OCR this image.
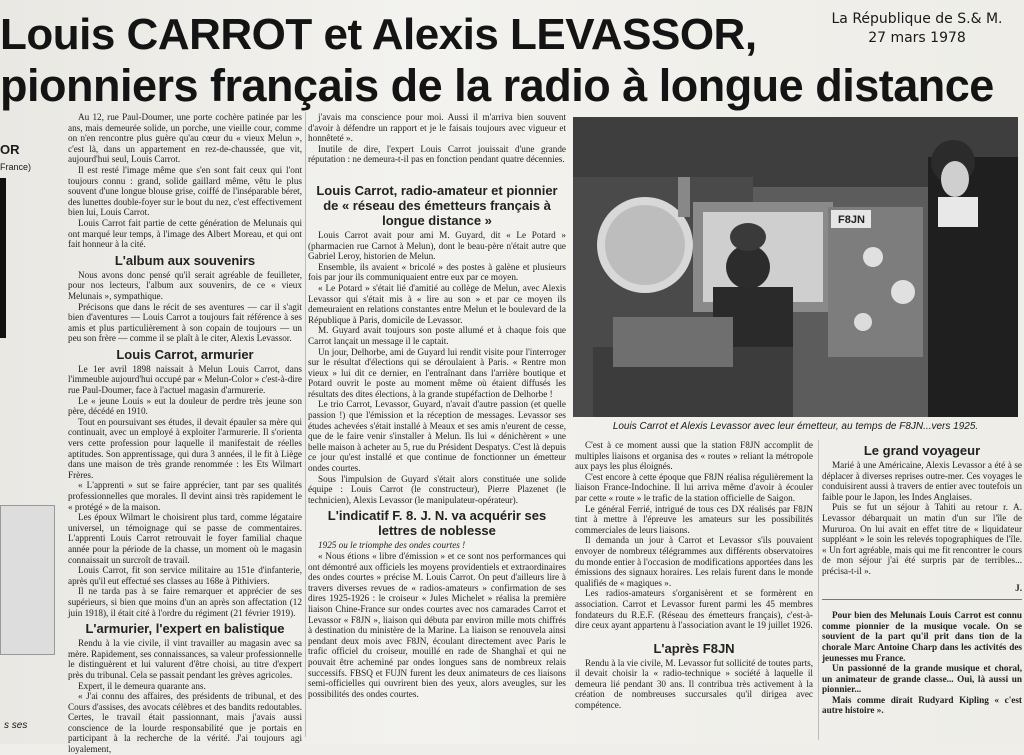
Louis CARROT et Alexis LEVASSOR,
pionniers français de la radio à longue distance
La République de S.& M.
27 mars 1978
OR
France)
s ses

Au 12, rue Paul-Doumer, une porte cochère patinée par les ans, mais demeurée solide, un porche, une vieille cour, comme on n'en rencontre plus guère qu'au cœur du « vieux Melun », c'est là, dans un appartement en rez-de-chaussée, que vit, aujourd'hui seul, Louis Carrot.

Il est resté l'image même que s'en sont fait ceux qui l'ont toujours connu : grand, solide gaillard même, vêtu le plus souvent d'une longue blouse grise, coiffé de l'inséparable béret, des lunettes double-foyer sur le bout du nez, c'est effectivement bien lui, Louis Carrot.

Louis Carrot fait partie de cette génération de Melunais qui ont marqué leur temps, à l'image des Albert Moreau, et qui ont fait honneur à la cité.

L'album aux souvenirs

Nous avons donc pensé qu'il serait agréable de feuilleter, pour nos lecteurs, l'album aux souvenirs, de ce « vieux Melunais », sympathique.

Précisons que dans le récit de ses aventures — car il s'agit bien d'aventures — Louis Carrot a toujours fait référence à ses amis et plus particulièrement à son copain de toujours — un peu son frère — comme il se plaît à le citer, Alexis Levassor.

Louis Carrot, armurier

Le 1er avril 1898 naissait à Melun Louis Carrot, dans l'immeuble aujourd'hui occupé par « Melun-Color » c'est-à-dire rue Paul-Doumer, face à l'actuel magasin d'armurerie.

Le « jeune Louis » eut la douleur de perdre très jeune son père, décédé en 1910.

Tout en poursuivant ses études, il devait épauler sa mère qui continuait, avec un employé à exploiter l'armurerie. Il s'orienta vers cette profession pour laquelle il manifestait de réelles aptitudes. Son apprentissage, qui dura 3 années, il le fit à Liège dans une maison de très grande renommée : les Ets Wilmart Frères.

« L'apprenti » sut se faire apprécier, tant par ses qualités professionnelles que morales. Il devint ainsi très rapidement le « protégé » de la maison.

Les époux Wilmart le choisirent plus tard, comme légataire universel, un témoignage qui se passe de commentaires. L'apprenti Louis Carrot retrouvait le foyer familial chaque année pour la période de la chasse, un moment où le magasin connaissait un surcroît de travail.

Louis Carrot, fit son service militaire au 151e d'infanterie, après qu'il eut effectué ses classes au 168e à Pithiviers.

Il ne tarda pas à se faire remarquer et apprécier de ses supérieurs, si bien que moins d'un an après son affectation (12 juin 1918), il était cité à l'ordre du régiment (21 février 1919).

L'armurier, l'expert en balistique

Rendu à la vie civile, il vint travailler au magasin avec sa mère. Rapidement, ses connaissances, sa valeur professionnelle le distinguèrent et lui valurent d'être choisi, au titre d'expert près du tribunal. Cela se passait pendant les grèves agricoles.

Expert, il le demeura quarante ans.

« J'ai connu des affaires, des présidents de tribunal, et des Cours d'assises, des avocats célèbres et des bandits redoutables. Certes, le travail était passionnant, mais j'avais aussi conscience de la lourde responsabilité que je portais en participant à la recherche de la vérité. J'ai toujours agi loyalement,

j'avais ma conscience pour moi. Aussi il m'arriva bien souvent d'avoir à défendre un rapport et je le faisais toujours avec vigueur et honnêteté ».

Inutile de dire, l'expert Louis Carrot jouissait d'une grande réputation : ne demeura-t-il pas en fonction pendant quatre décennies.

Louis Carrot, radio-amateur et pionnier de « réseau des émetteurs français à longue distance »

Louis Carrot avait pour ami M. Guyard, dit « Le Potard » (pharmacien rue Carnot à Melun), dont le beau-père n'était autre que Gabriel Leroy, historien de Melun.

Ensemble, ils avaient « bricolé » des postes à galène et plusieurs fois par jour ils communiquaient entre eux par ce moyen.

« Le Potard » s'était lié d'amitié au collège de Melun, avec Alexis Levassor qui s'était mis à « lire au son » et par ce moyen ils demeuraient en relations constantes entre Melun et le boulevard de la République à Paris, domicile de Levassor.

M. Guyard avait toujours son poste allumé et à chaque fois que Carrot lançait un message il le captait.

Un jour, Delhorbe, ami de Guyard lui rendit visite pour l'interroger sur le résultat d'élections qui se déroulaient à Paris. « Rentre mon vieux » lui dit ce dernier, en l'entraînant dans l'arrière boutique et Potard ouvrit le poste au moment même où étaient diffusés les résultats des dites élections, à la grande stupéfaction de Delhorbe !

Le trio Carrot, Levassor, Guyard, n'avait d'autre passion (et quelle passion !) que l'émission et la réception de messages. Levassor ses études achevées s'était installé à Meaux et ses amis n'eurent de cesse, que de le faire venir s'installer à Melun. Ils lui « dénichèrent » une belle maison à acheter au 5, rue du Président Despatys. C'est là depuis ce jour qu'est installé et que continue de fonctionner un émetteur ondes courtes.

Sous l'impulsion de Guyard s'était alors constituée une solide équipe : Louis Carrot (le constructeur), Pierre Plazenet (le technicien), Alexis Levassor (le manipulateur-opérateur).

L'indicatif F. 8. J. N. va acquérir ses lettres de noblesse

1925 ou le triomphe des ondes courtes !

« Nous étions « libre d'émission » et ce sont nos performances qui ont démontré aux officiels les moyens providentiels et extraordinaires des ondes courtes » précise M. Louis Carrot. On peut d'ailleurs lire à travers diverses revues de « radios-amateurs » confirmation de ses dires 1925-1926 : le croiseur « Jules Michelet » réalisa la première liaison Chine-France sur ondes courtes avec nos camarades Carrot et Levassor « F8JN », liaison qui débuta par environ mille mots chiffrés à destination du ministère de la Marine. La liaison se renouvela ainsi pendant deux mois avec F8JN, écoulant directement avec Paris le trafic officiel du croiseur, mouillé en rade de Shanghaï et qui ne pouvait être acheminé par ondes longues sans de nombreux relais successifs. FBSQ et FUJN furent les deux animateurs de ces liaisons semi-officielles qui ouvrirent bien des yeux, alors aveugles, sur les possibilités des ondes courtes.

F8JN
Louis Carrot et Alexis Levassor avec leur émetteur, au temps de F8JN...vers 1925.

C'est à ce moment aussi que la station F8JN accomplit de multiples liaisons et organisa des « routes » reliant la métropole aux pays les plus éloignés.

C'est encore à cette époque que F8JN réalisa régulièrement la liaison France-Indochine. Il lui arriva même d'avoir à écouler par cette « route » le trafic de la station officielle de Saigon.

Le général Ferrié, intrigué de tous ces DX réalisés par F8JN tint à mettre à l'épreuve les amateurs sur les possibilités commerciales de leurs liaisons.

Il demanda un jour à Carrot et Levassor s'ils pouvaient envoyer de nombreux télégrammes aux différents observatoires du monde entier à l'occasion de modifications apportées dans les émissions des signaux horaires. Les relais furent dans le monde qualifiés de « magiques ».

Les radios-amateurs s'organisèrent et se formèrent en association. Carrot et Levassor furent parmi les 45 membres fondateurs du R.E.F. (Réseau des émetteurs français), c'est-à-dire ceux ayant appartenu à l'association avant le 19 juillet 1926.

L'après F8JN

Rendu à la vie civile, M. Levassor fut sollicité de toutes parts, il devait choisir la « radio-technique » société à laquelle il demeura lié pendant 30 ans. Il contribua très activement à la création de nombreuses succursales qu'il dirigea avec compétence.

Le grand voyageur

Marié à une Américaine, Alexis Levassor a été à se déplacer à diverses reprises outre-mer. Ces voyages le conduisirent aussi à travers de entier avec toutefois un faible pour le Japon, les Indes Anglaises.

Puis se fut un séjour à Tahiti au retour r. A. Levassor débarquait un matin d'un sur l'île de Mururoa. On lui avait en effet titre de « liquidateur suppléant » le soin les relevés topographiques de l'île. « Un fort agréable, mais qui me fit rencontrer le cours de mon séjour j'ai été surpris par de terribles... précisa-t-il ».

J.

Pour bien des Melunais Louis Carrot est connu comme pionnier de la musique vocale. On se souvient de la part qu'il prit dans tion de la chorale Marc Antoine Charp dans les activités des jeunesses mu France.

Un passionné de la grande musique et choral, un animateur de grande classe... Oui, là aussi un pionnier...

Mais comme dirait Rudyard Kipling « c'est autre histoire ».
